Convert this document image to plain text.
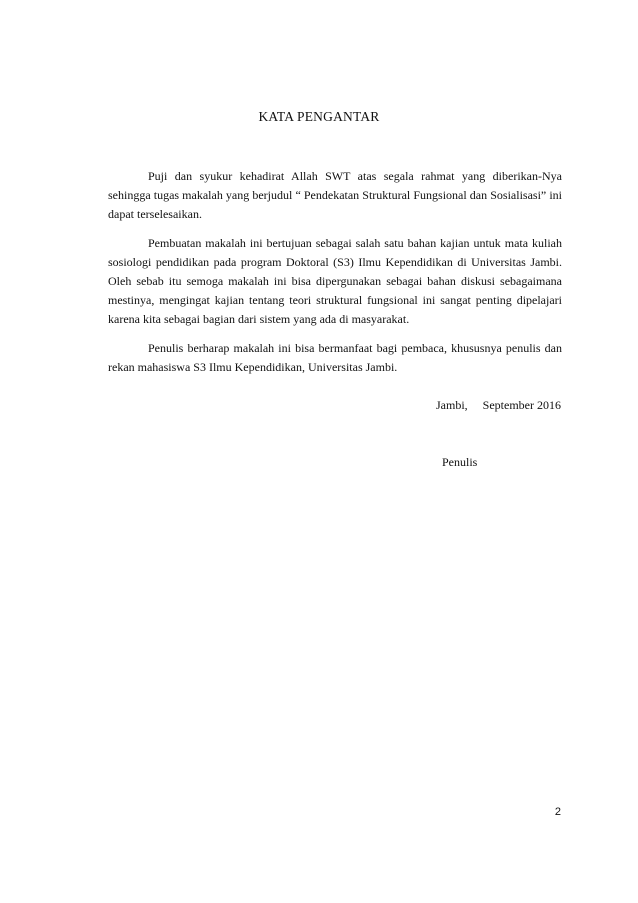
KATA PENGANTAR

Puji dan syukur kehadirat Allah SWT atas segala rahmat yang diberikan-Nya sehingga tugas makalah yang berjudul “ Pendekatan Struktural Fungsional dan Sosialisasi” ini dapat terselesaikan.

Pembuatan makalah ini bertujuan sebagai salah satu bahan kajian untuk mata kuliah sosiologi pendidikan pada program Doktoral (S3) Ilmu Kependidikan di Universitas Jambi. Oleh sebab itu semoga makalah ini bisa dipergunakan sebagai bahan diskusi sebagaimana mestinya, mengingat kajian tentang teori struktural fungsional ini sangat penting dipelajari karena kita sebagai bagian dari sistem yang ada di masyarakat.

Penulis berharap makalah ini bisa bermanfaat bagi pembaca, khususnya penulis dan rekan mahasiswa S3 Ilmu Kependidikan, Universitas Jambi.

Jambi,     September 2016
Penulis
2
